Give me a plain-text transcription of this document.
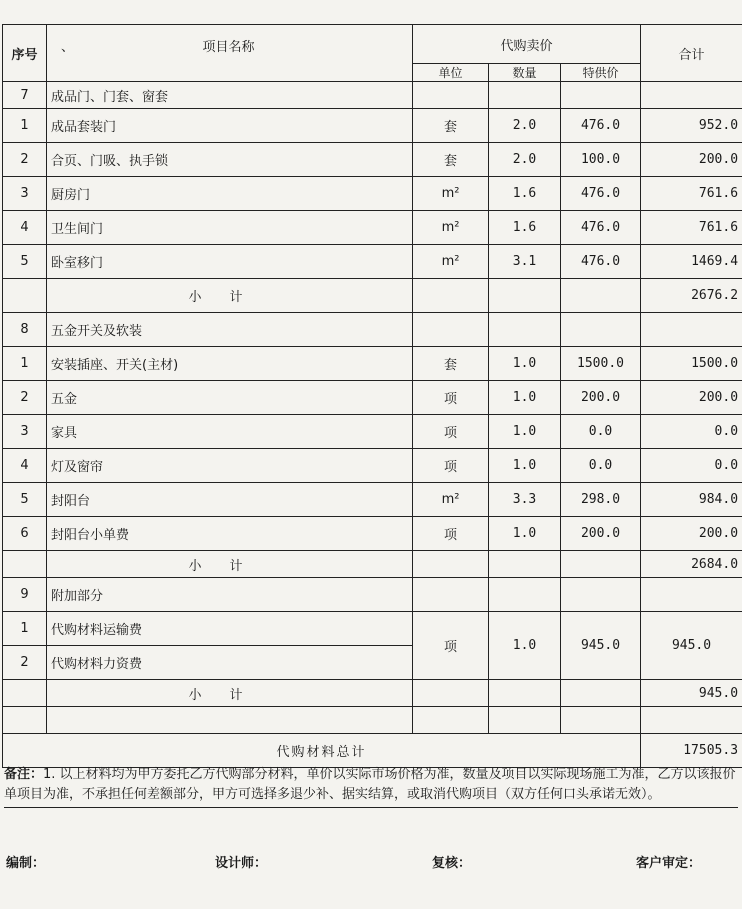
序号	、 项目名称	代购卖价			合计
		单位	数量	特供价	
7	成品门、门套、窗套				
1	成品套装门	套	2.0	476.0	952.0
2	合页、门吸、执手锁	套	2.0	100.0	200.0
3	厨房门	m²	1.6	476.0	761.6
4	卫生间门	m²	1.6	476.0	761.6
5	卧室移门	m²	3.1	476.0	1469.4
	小计				2676.2
8	五金开关及软装				
1	安装插座、开关(主材)	套	1.0	1500.0	1500.0
2	五金	项	1.0	200.0	200.0
3	家具	项	1.0	0.0	0.0
4	灯及窗帘	项	1.0	0.0	0.0
5	封阳台	m²	3.3	298.0	984.0
6	封阳台小单费	项	1.0	200.0	200.0
	小计				2684.0
9	附加部分				
1	代购材料运输费	项	1.0	945.0	945.0
2	代购材料力资费				
	小计				945.0

代购材料总计					17505.3
备注：1. 以上材料均为甲方委托乙方代购部分材料，单价以实际市场价格为准，数量及项目以实际现场施工为准，乙方以该报价单项目为准，不承担任何差额部分，甲方可选择多退少补、据实结算，或取消代购项目（双方任何口头承诺无效）。
编制：	设计师：	复核：	客户审定：
